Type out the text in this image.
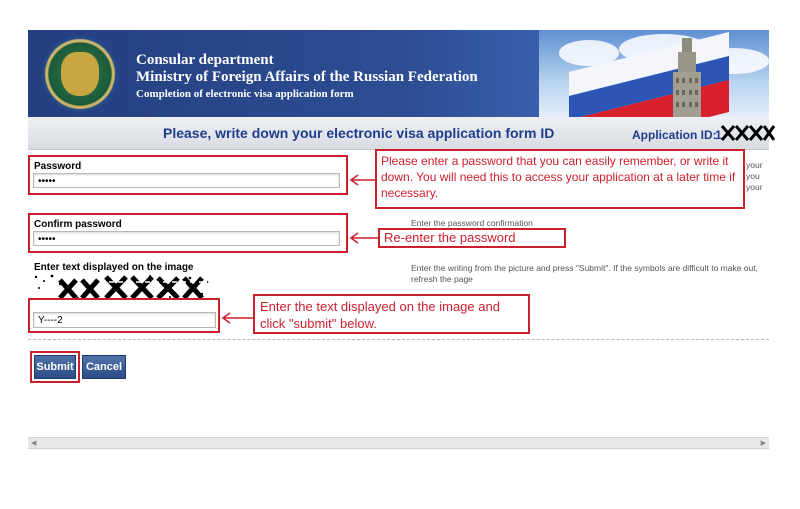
Consular department
Ministry of Foreign Affairs of the Russian Federation
Completion of electronic visa application form
Please, write down your electronic visa application form ID	Application ID:
1
Password
•••••
your
you
your
Please enter a password that you can easily remember, or write it down. You will need this to access your application at a later time if necessary.
Confirm password
•••••
Enter the password confirmation
Re-enter the password
Enter text displayed on the image
Y----2
Enter the writing from the picture and press "Submit". If the symbols are difficult to make out, refresh the page
Enter the text displayed on the image and click "submit" below.
Submit	Cancel
◀	▶
